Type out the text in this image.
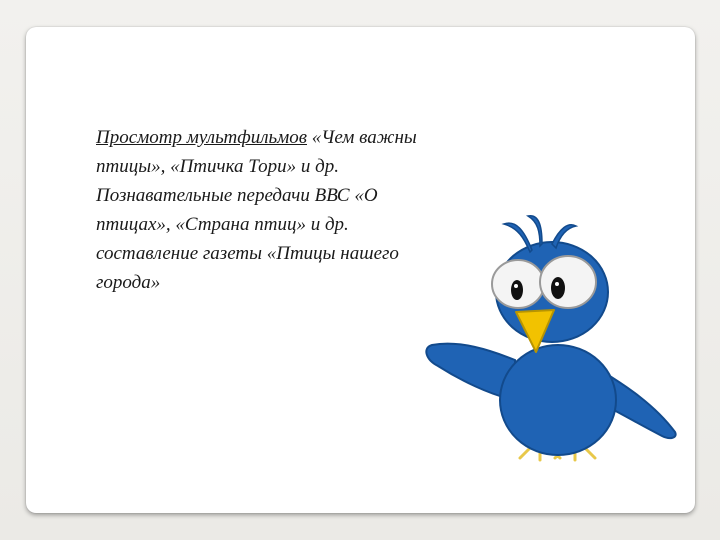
Просмотр мультфильмов «Чем важны птицы», «Птичка Тори» и др.
Познавательные передачи ВВС «О птицах», «Страна птиц» и др.
составление газеты «Птицы нашего города»
